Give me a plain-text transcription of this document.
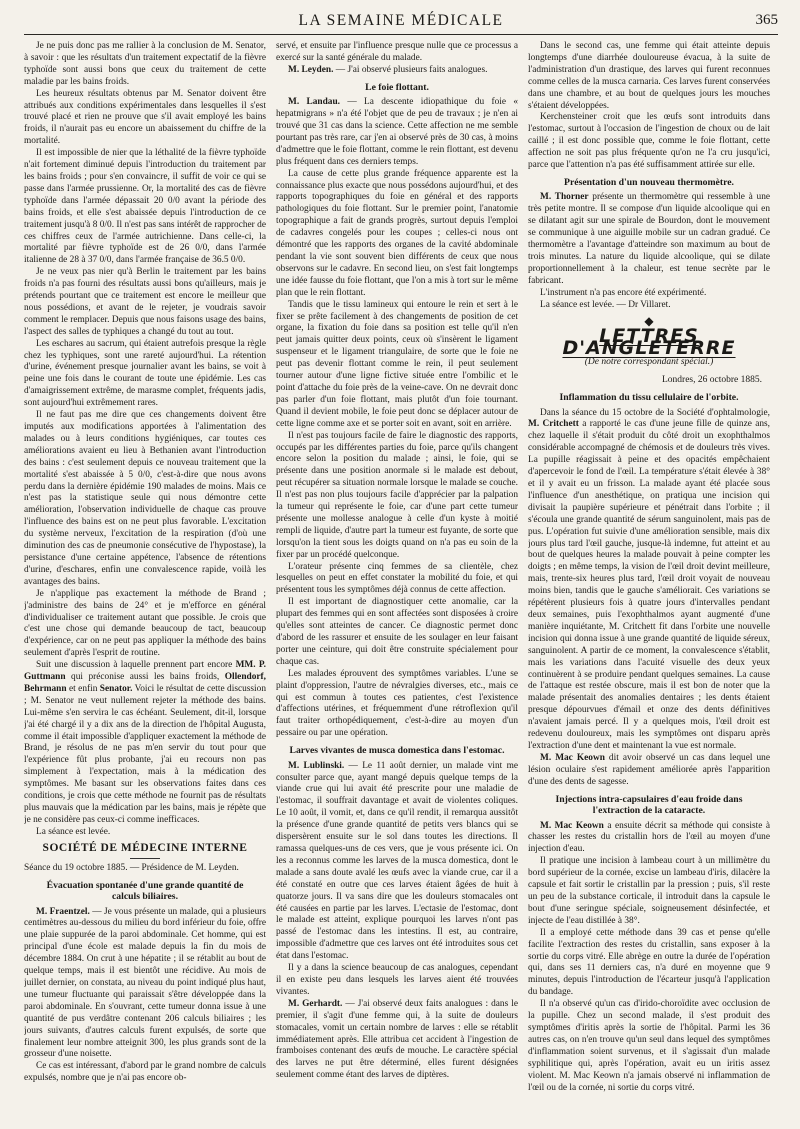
LA SEMAINE MÉDICALE	365

Je ne puis donc pas me rallier à la conclusion de M. Senator, à savoir : que les résultats d'un traitement expectatif de la fièvre typhoïde sont aussi bons que ceux du traitement de cette maladie par les bains froids.

Les heureux résultats obtenus par M. Senator doivent être attribués aux conditions expérimentales dans lesquelles il s'est trouvé placé et rien ne prouve que s'il avait employé les bains froids, il n'aurait pas eu encore un abaissement du chiffre de la mortalité.

Il est impossible de nier que la léthalité de la fièvre typhoïde n'ait fortement diminué depuis l'introduction du traitement par les bains froids ; pour s'en convaincre, il suffit de voir ce qui se passe dans l'armée prussienne. Or, la mortalité des cas de fièvre typhoïde dans l'armée dépassait 20 0/0 avant la période des bains froids, et elle s'est abaissée depuis l'introduction de ce traitement jusqu'à 8 0/0. Il n'est pas sans intérêt de rapprocher de ces chiffres ceux de l'armée autrichienne. Dans celle-ci, la mortalité par fièvre typhoïde est de 26 0/0, dans l'armée italienne de 28 à 37 0/0, dans l'armée française de 36.5 0/0.

Je ne veux pas nier qu'à Berlin le traitement par les bains froids n'a pas fourni des résultats aussi bons qu'ailleurs, mais je prétends pourtant que ce traitement est encore le meilleur que nous possédions, et avant de le rejeter, je voudrais savoir comment le remplacer. Depuis que nous faisons usage des bains, l'aspect des salles de typhiques a changé du tout au tout.

Les eschares au sacrum, qui étaient autrefois presque la règle chez les typhiques, sont une rareté aujourd'hui. La rétention d'urine, événement presque journalier avant les bains, se voit à peine une fois dans le courant de toute une épidémie. Les cas d'amaigrissement extrême, de marasme complet, fréquents jadis, sont aujourd'hui extrêmement rares.

Il ne faut pas me dire que ces changements doivent être imputés aux modifications apportées à l'alimentation des malades ou à leurs conditions hygiéniques, car toutes ces améliorations avaient eu lieu à Bethanien avant l'introduction des bains : c'est seulement depuis ce nouveau traitement que la mortalité s'est abaissée à 5 0/0, c'est-à-dire que nous avons perdu dans la dernière épidémie 190 malades de moins. Mais ce n'est pas la statistique seule qui nous démontre cette amélioration, l'observation individuelle de chaque cas prouve l'influence des bains est on ne peut plus favorable. L'excitation du système nerveux, l'excitation de la respiration (d'où une diminution des cas de pneumonie consécutive de l'hypostase), la persistance d'une certaine appétence, l'absence de rétentions d'urine, d'eschares, enfin une convalescence rapide, voilà les avantages des bains.

Je n'applique pas exactement la méthode de Brand ; j'administre des bains de 24° et je m'efforce en général d'individualiser ce traitement autant que possible. Je crois que c'est une chose qui demande beaucoup de tact, beaucoup d'expérience, car on ne peut pas appliquer la méthode des bains seulement d'après l'esprit de routine.

Suit une discussion à laquelle prennent part encore MM. P. Guttmann qui préconise aussi les bains froids, Ollendorf, Behrmann et enfin Senator. Voici le résultat de cette discussion ; M. Senator ne veut nullement rejeter la méthode des bains. Lui-même s'en servira le cas échéant. Seulement, dit-il, lorsque j'ai été chargé il y a dix ans de la direction de l'hôpital Augusta, comme il était impossible d'appliquer exactement la méthode de Brand, je résolus de ne pas m'en servir du tout pour que l'expérience fût plus probante, j'ai eu recours non pas simplement à l'expectation, mais à la médication des symptômes. Me basant sur les observations faites dans ces conditions, je crois que cette méthode ne fournit pas de résultats plus mauvais que la médication par les bains, mais je répète que je ne considère pas ceux-ci comme inefficaces.

La séance est levée.

SOCIÉTÉ DE MÉDECINE INTERNE

Séance du 19 octobre 1885. — Présidence de M. Leyden.

Évacuation spontanée d'une grande quantité de calculs biliaires.

M. Fraentzel. — Je vous présente un malade, qui a plusieurs centimètres au-dessous du milieu du bord inférieur du foie, offre une plaie suppurée de la paroi abdominale. Cet homme, qui est principal d'une école est malade depuis la fin du mois de décembre 1884. On crut à une hépatite ; il se rétablit au bout de quelque temps, mais il est bientôt une récidive. Au mois de juillet dernier, on constata, au niveau du point indiqué plus haut, une tumeur fluctuante qui paraissait s'être développée dans la paroi abdominale. En s'ouvrant, cette tumeur donna issue à une quantité de pus verdâtre contenant 206 calculs biliaires ; les jours suivants, d'autres calculs furent expulsés, de sorte que finalement leur nombre atteignit 300, les plus grands sont de la grosseur d'une noisette.

Ce cas est intéressant, d'abord par le grand nombre de calculs expulsés, nombre que je n'ai pas encore ob-

servé, et ensuite par l'influence presque nulle que ce processus a exercé sur la santé générale du malade.

M. Leyden. — J'ai observé plusieurs faits analogues.

Le foie flottant.

M. Landau. — La descente idiopathique du foie « hepatmigrans » n'a été l'objet que de peu de travaux ; je n'en ai trouvé que 31 cas dans la science. Cette affection ne me semble pourtant pas très rare, car j'en ai observé près de 30 cas, à moins d'admettre que le foie flottant, comme le rein flottant, est devenu plus fréquent dans ces derniers temps.

La cause de cette plus grande fréquence apparente est la connaissance plus exacte que nous possédons aujourd'hui, et des rapports topographiques du foie en général et des rapports pathologiques du foie flottant. Sur le premier point, l'anatomie topographique a fait de grands progrès, surtout depuis l'emploi de cadavres congelés pour les coupes ; celles-ci nous ont démontré que les rapports des organes de la cavité abdominale pendant la vie sont souvent bien différents de ceux que nous observons sur le cadavre. En second lieu, on s'est fait longtemps une idée fausse du foie flottant, que l'on a mis à tort sur le même plan que le rein flottant.

Tandis que le tissu lamineux qui entoure le rein et sert à le fixer se prête facilement à des changements de position de cet organe, la fixation du foie dans sa position est telle qu'il n'en peut jamais quitter deux points, ceux où s'insèrent le ligament suspenseur et le ligament triangulaire, de sorte que le foie ne peut pas devenir flottant comme le rein, il peut seulement tourner autour d'une ligne fictive située entre l'ombilic et le point d'attache du foie près de la veine-cave. On ne devrait donc pas parler d'un foie flottant, mais plutôt d'un foie tournant. Quand il devient mobile, le foie peut donc se déplacer autour de cette ligne comme axe et se porter soit en avant, soit en arrière.

Il n'est pas toujours facile de faire le diagnostic des rapports, occupés par les différentes parties du foie, parce qu'ils changent encore selon la position du malade ; ainsi, le foie, qui se présente dans une position anormale si le malade est debout, peut récupérer sa situation normale lorsque le malade se couche. Il n'est pas non plus toujours facile d'apprécier par la palpation la tumeur qui représente le foie, car d'une part cette tumeur présente une mollesse analogue à celle d'un kyste à moitié rempli de liquide, d'autre part la tumeur est fuyante, de sorte que lorsqu'on la tient sous les doigts quand on n'a pas eu soin de la fixer par un procédé quelconque.

L'orateur présente cinq femmes de sa clientèle, chez lesquelles on peut en effet constater la mobilité du foie, et qui présentent tous les symptômes déjà connus de cette affection.

Il est important de diagnostiquer cette anomalie, car la plupart des femmes qui en sont affectées sont disposées à croire qu'elles sont atteintes de cancer. Ce diagnostic permet donc d'abord de les rassurer et ensuite de les soulager en leur faisant porter une ceinture, qui doit être construite spécialement pour chaque cas.

Les malades éprouvent des symptômes variables. L'une se plaint d'oppression, l'autre de névralgies diverses, etc., mais ce qui est commun à toutes ces patientes, c'est l'existence d'affections utérines, et fréquemment d'une rétroflexion qu'il faut traiter orthopédiquement, c'est-à-dire au moyen d'un pessaire ou par une opération.

Larves vivantes de musca domestica dans l'estomac.

M. Lublinski. — Le 11 août dernier, un malade vint me consulter parce que, ayant mangé depuis quelque temps de la viande crue qui lui avait été prescrite pour une maladie de l'estomac, il souffrait davantage et avait de violentes coliques. Le 10 août, il vomit, et, dans ce qu'il rendit, il remarqua aussitôt la présence d'une grande quantité de petits vers blancs qui se dispersèrent ensuite sur le sol dans toutes les directions. Il ramassa quelques-uns de ces vers, que je vous présente ici. On les a reconnus comme les larves de la musca domestica, dont le malade a sans doute avalé les œufs avec la viande crue, car il a été constaté en outre que ces larves étaient âgées de huit à quatorze jours. Il va sans dire que les douleurs stomacales ont été causées en partie par les larves. L'ectasie de l'estomac, dont le malade est atteint, explique pourquoi les larves n'ont pas passé de l'estomac dans les intestins. Il est, au contraire, impossible d'admettre que ces larves ont été introduites sous cet état dans l'estomac.

Il y a dans la science beaucoup de cas analogues, cependant il en existe peu dans lesquels les larves aient été trouvées vivantes.

M. Gerhardt. — J'ai observé deux faits analogues : dans le premier, il s'agit d'une femme qui, à la suite de douleurs stomacales, vomit un certain nombre de larves : elle se rétablit immédiatement après. Elle attribua cet accident à l'ingestion de framboises contenant des œufs de mouche. Le caractère spécial des larves ne put être déterminé, elles furent désignées seulement comme étant des larves de diptères.

Dans le second cas, une femme qui était atteinte depuis longtemps d'une diarrhée douloureuse évacua, à la suite de l'administration d'un drastique, des larves qui furent reconnues comme celles de la musca carnaria. Ces larves furent conservées dans une chambre, et au bout de quelques jours les mouches s'étaient développées.

Kerchensteiner croit que les œufs sont introduits dans l'estomac, surtout à l'occasion de l'ingestion de choux ou de lait caillé ; il est donc possible que, comme le foie flottant, cette affection ne soit pas plus fréquente qu'on ne l'a cru jusqu'ici, parce que l'attention n'a pas été suffisamment attirée sur elle.

Présentation d'un nouveau thermomètre.

M. Thorner présente un thermomètre qui ressemble à une très petite montre. Il se compose d'un liquide alcoolique qui en se dilatant agit sur une spirale de Bourdon, dont le mouvement se communique à une aiguille mobile sur un cadran gradué. Ce thermomètre a l'avantage d'atteindre son maximum au bout de trois minutes. La nature du liquide alcoolique, qui se dilate proportionnellement à la chaleur, est tenue secrète par le fabricant.

L'instrument n'a pas encore été expérimenté.

La séance est levée. — Dr Villaret.

◆
LETTRES D'ANGLETERRE
(De notre correspondant spécial.)
Londres, 26 octobre 1885.
Inflammation du tissu cellulaire de l'orbite.

Dans la séance du 15 octobre de la Société d'ophtalmologie, M. Critchett a rapporté le cas d'une jeune fille de quinze ans, chez laquelle il s'était produit du côté droit un exophthalmos considérable accompagné de chémosis et de douleurs très vives. La pupille réagissait à peine et des opacités empêchaient d'apercevoir le fond de l'œil. La température s'était élevée à 38° et il y avait eu un frisson. La malade ayant été placée sous l'influence d'un anesthétique, on pratiqua une incision qui divisait la paupière supérieure et pénétrait dans l'orbite ; il s'écoula une grande quantité de sérum sanguinolent, mais pas de pus. L'opération fut suivie d'une amélioration sensible, mais dix jours plus tard l'œil gauche, jusque-là indemne, fut atteint et au bout de quelques heures la malade pouvait à peine compter les doigts ; en même temps, la vision de l'œil droit devint meilleure, mais, trente-six heures plus tard, l'œil droit voyait de nouveau moins bien, tandis que le gauche s'améliorait. Ces variations se répétèrent plusieurs fois à quatre jours d'intervalles pendant deux semaines, puis l'exophthalmos ayant augmenté d'une manière inquiétante, M. Critchett fit dans l'orbite une nouvelle incision qui donna issue à une grande quantité de liquide séreux, sanguinolent. A partir de ce moment, la convalescence s'établit, mais les variations dans l'acuité visuelle des deux yeux continuèrent à se produire pendant quelques semaines. La cause de l'attaque est restée obscure, mais il est bon de noter que la malade présentait des anomalies dentaires ; les dents étaient presque dépourvues d'émail et onze des dents définitives n'avaient jamais percé. Il y a quelques mois, l'œil droit est redevenu douloureux, mais les symptômes ont disparu après l'extraction d'une dent et maintenant la vue est normale.

M. Mac Keown dit avoir observé un cas dans lequel une lésion oculaire s'est rapidement améliorée après l'apparition d'une des dents de sagesse.

Injections intra-capsulaires d'eau froide dans l'extraction de la cataracte.

M. Mac Keown a ensuite décrit sa méthode qui consiste à chasser les restes du cristallin hors de l'œil au moyen d'une injection d'eau.

Il pratique une incision à lambeau court à un millimètre du bord supérieur de la cornée, excise un lambeau d'iris, dilacère la capsule et fait sortir le cristallin par la pression ; puis, s'il reste un peu de la substance corticale, il introduit dans la capsule le bout d'une seringue spéciale, soigneusement désinfectée, et injecte de l'eau distillée à 38°.

Il a employé cette méthode dans 39 cas et pense qu'elle facilite l'extraction des restes du cristallin, sans exposer à la sortie du corps vitré. Elle abrège en outre la durée de l'opération qui, dans ses 11 derniers cas, n'a duré en moyenne que 9 minutes, depuis l'introduction de l'écarteur jusqu'à l'application du bandage.

Il n'a observé qu'un cas d'irido-choroïdite avec occlusion de la pupille. Chez un second malade, il s'est produit des symptômes d'iritis après la sortie de l'hôpital. Parmi les 36 autres cas, on n'en trouve qu'un seul dans lequel des symptômes d'inflammation soient survenus, et il s'agissait d'un malade syphilitique qui, après l'opération, avait eu un iritis assez violent. M. Mac Keown n'a jamais observé ni inflammation de l'œil ou de la cornée, ni sortie du corps vitré.
